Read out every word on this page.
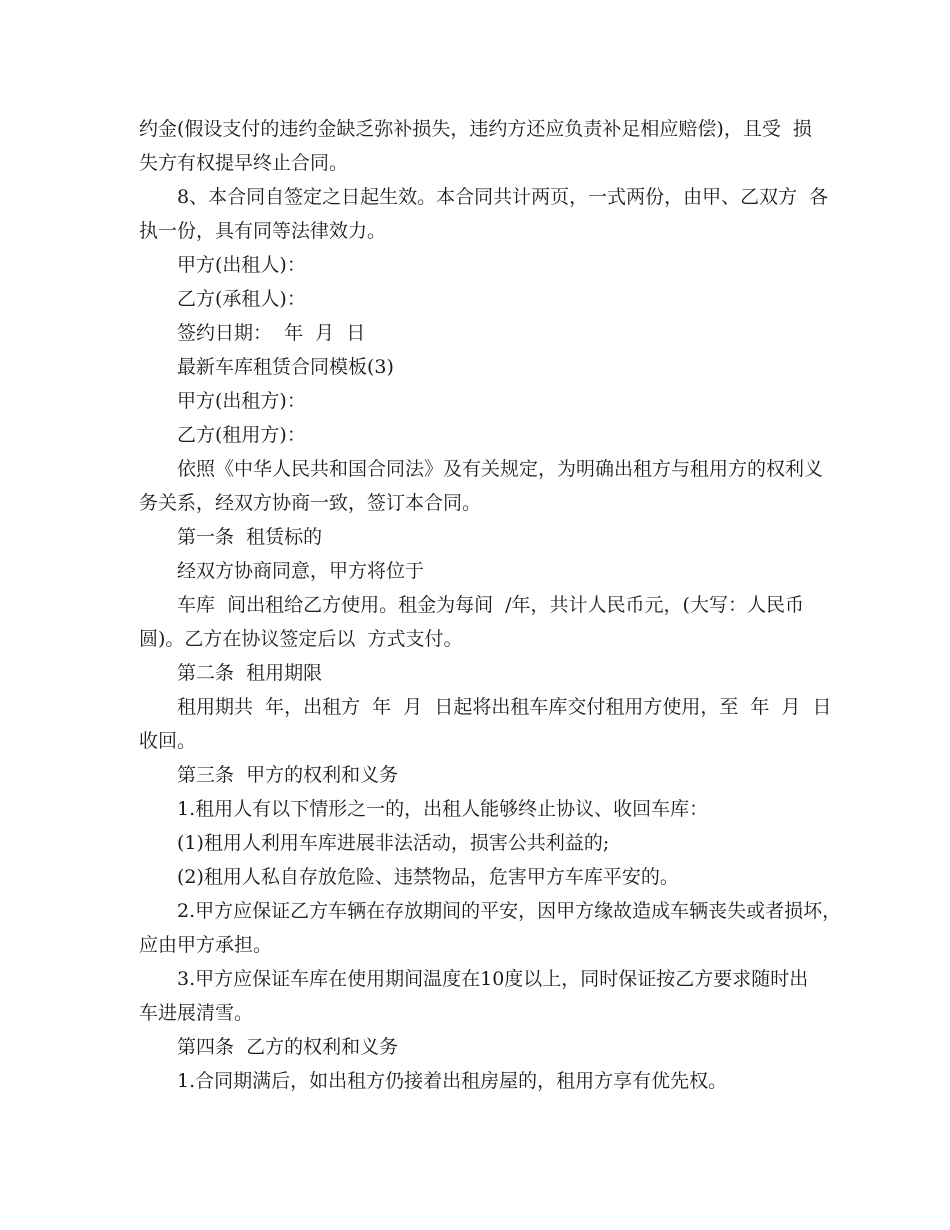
约金(假设支付的违约金缺乏弥补损失，违约方还应负责补足相应赔偿)，且受  损
失方有权提早终止合同。
8、本合同自签定之日起生效。本合同共计两页，一式两份，由甲、乙双方  各
执一份，具有同等法律效力。
甲方(出租人)：
乙方(承租人)：
签约日期：  年  月  日
最新车库租赁合同模板(3)
甲方(出租方)：
乙方(租用方)：
依照《中华人民共和国合同法》及有关规定，为明确出租方与租用方的权利义
务关系，经双方协商一致，签订本合同。
第一条  租赁标的
经双方协商同意，甲方将位于
车库  间出租给乙方使用。租金为每间  /年，共计人民币元，(大写：人民币
圆)。乙方在协议签定后以  方式支付。
第二条  租用期限
租用期共  年，出租方  年  月  日起将出租车库交付租用方使用，至  年  月  日
收回。
第三条  甲方的权利和义务
1.租用人有以下情形之一的，出租人能够终止协议、收回车库：
(1)租用人利用车库进展非法活动，损害公共利益的;
(2)租用人私自存放危险、违禁物品，危害甲方车库平安的。
2.甲方应保证乙方车辆在存放期间的平安，因甲方缘故造成车辆丧失或者损坏，
应由甲方承担。
3.甲方应保证车库在使用期间温度在10度以上，同时保证按乙方要求随时出
车进展清雪。
第四条  乙方的权利和义务
1.合同期满后，如出租方仍接着出租房屋的，租用方享有优先权。
